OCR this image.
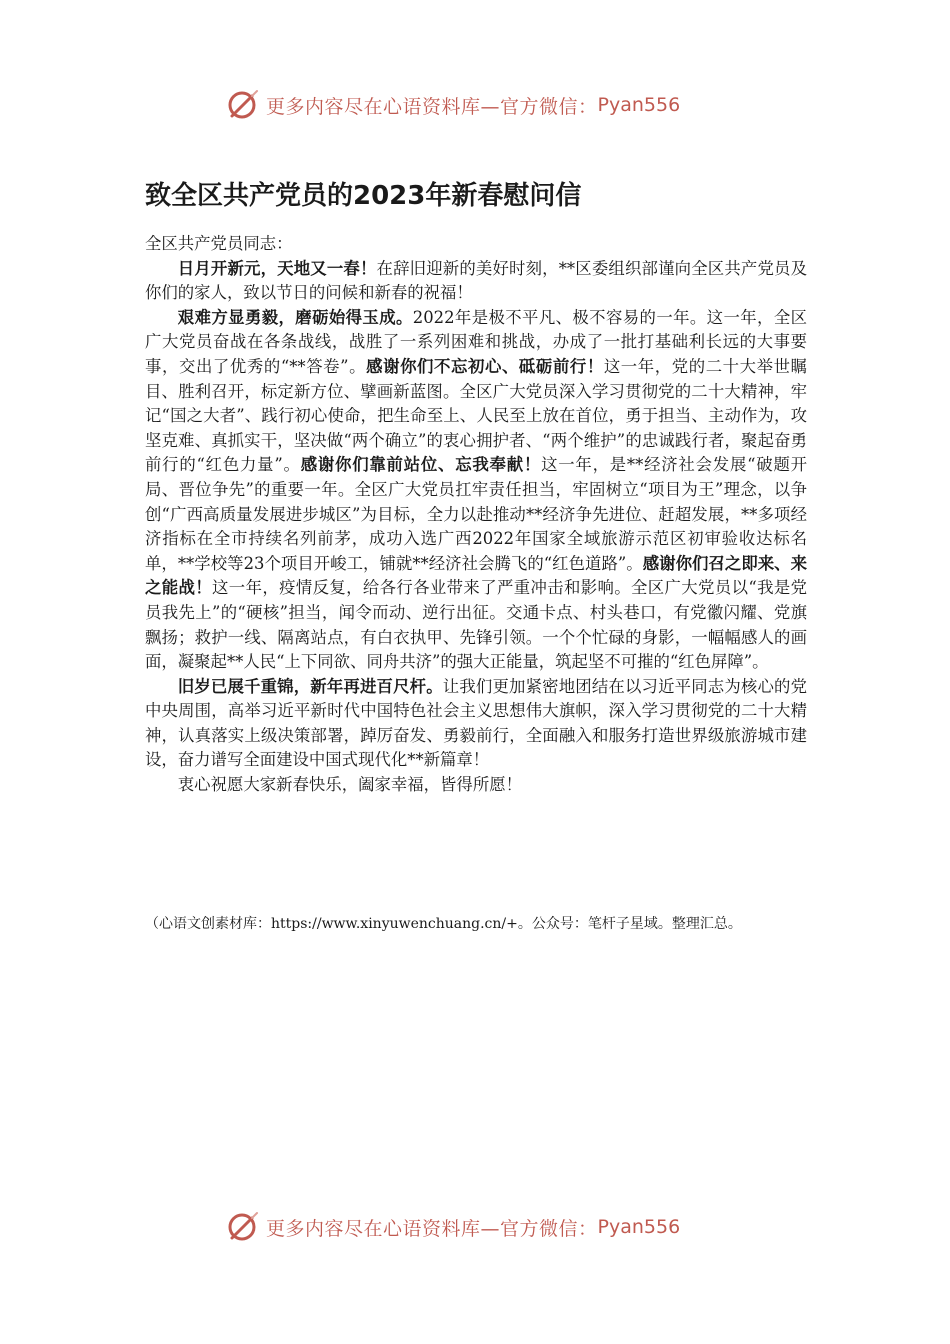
更多内容尽在心语资料库—官方微信： Pyan556
致全区共产党员的2023年新春慰问信

全区共产党员同志：

日月开新元，天地又一春！在辞旧迎新的美好时刻，**区委组织部谨向全区共产党员及你们的家人，致以节日的问候和新春的祝福！

艰难方显勇毅，磨砺始得玉成。2022年是极不平凡、极不容易的一年。这一年，全区广大党员奋战在各条战线，战胜了一系列困难和挑战，办成了一批打基础利长远的大事要事，交出了优秀的“**答卷”。感谢你们不忘初心、砥砺前行！这一年，党的二十大举世瞩目、胜利召开，标定新方位、擘画新蓝图。全区广大党员深入学习贯彻党的二十大精神，牢记“国之大者”、践行初心使命，把生命至上、人民至上放在首位，勇于担当、主动作为，攻坚克难、真抓实干，坚决做“两个确立”的衷心拥护者、“两个维护”的忠诚践行者，聚起奋勇前行的“红色力量”。感谢你们靠前站位、忘我奉献！这一年，是**经济社会发展“破题开局、晋位争先”的重要一年。全区广大党员扛牢责任担当，牢固树立“项目为王”理念，以争创“广西高质量发展进步城区”为目标，全力以赴推动**经济争先进位、赶超发展，**多项经济指标在全市持续名列前茅，成功入选广西2022年国家全域旅游示范区初审验收达标名单，**学校等23个项目开峻工，铺就**经济社会腾飞的“红色道路”。感谢你们召之即来、来之能战！这一年，疫情反复，给各行各业带来了严重冲击和影响。全区广大党员以“我是党员我先上”的“硬核”担当，闻令而动、逆行出征。交通卡点、村头巷口，有党徽闪耀、党旗飘扬；救护一线、隔离站点，有白衣执甲、先锋引领。一个个忙碌的身影，一幅幅感人的画面，凝聚起**人民“上下同欲、同舟共济”的强大正能量，筑起坚不可摧的“红色屏障”。

旧岁已展千重锦，新年再进百尺杆。让我们更加紧密地团结在以习近平同志为核心的党中央周围，高举习近平新时代中国特色社会主义思想伟大旗帜，深入学习贯彻党的二十大精神，认真落实上级决策部署，踔厉奋发、勇毅前行，全面融入和服务打造世界级旅游城市建设，奋力谱写全面建设中国式现代化**新篇章！

衷心祝愿大家新春快乐，阖家幸福，皆得所愿！

（心语文创素材库：https://www.xinyuwenchuang.cn/+。公众号：笔杆子星域。整理汇总。
更多内容尽在心语资料库—官方微信： Pyan556
